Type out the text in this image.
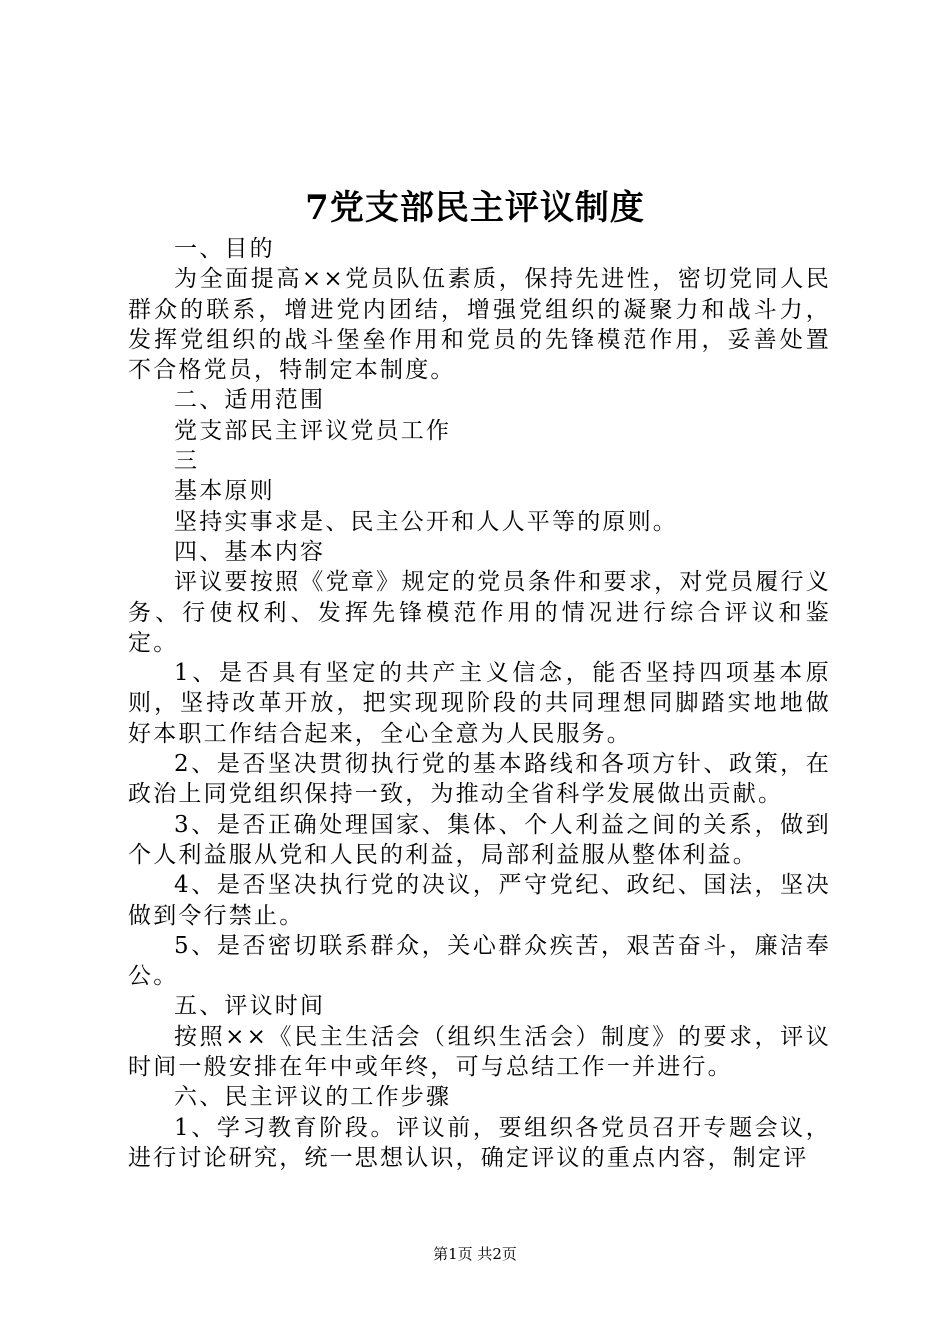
7党支部民主评议制度

一、目的

为全面提高××党员队伍素质，保持先进性，密切党同人民群众的联系，增进党内团结，增强党组织的凝聚力和战斗力，发挥党组织的战斗堡垒作用和党员的先锋模范作用，妥善处置不合格党员，特制定本制度。

二、适用范围

党支部民主评议党员工作

三

基本原则

坚持实事求是、民主公开和人人平等的原则。

四、基本内容

评议要按照《党章》规定的党员条件和要求，对党员履行义务、行使权利、发挥先锋模范作用的情况进行综合评议和鉴定。

1、是否具有坚定的共产主义信念，能否坚持四项基本原则，坚持改革开放，把实现现阶段的共同理想同脚踏实地地做好本职工作结合起来，全心全意为人民服务。

2、是否坚决贯彻执行党的基本路线和各项方针、政策，在政治上同党组织保持一致，为推动全省科学发展做出贡献。

3、是否正确处理国家、集体、个人利益之间的关系，做到个人利益服从党和人民的利益，局部利益服从整体利益。

4、是否坚决执行党的决议，严守党纪、政纪、国法，坚决做到令行禁止。

5、是否密切联系群众，关心群众疾苦，艰苦奋斗，廉洁奉公。

五、评议时间

按照××《民主生活会（组织生活会）制度》的要求，评议时间一般安排在年中或年终，可与总结工作一并进行。

六、民主评议的工作步骤

1、学习教育阶段。评议前，要组织各党员召开专题会议，进行讨论研究，统一思想认识，确定评议的重点内容，制定评

第1页 共2页
